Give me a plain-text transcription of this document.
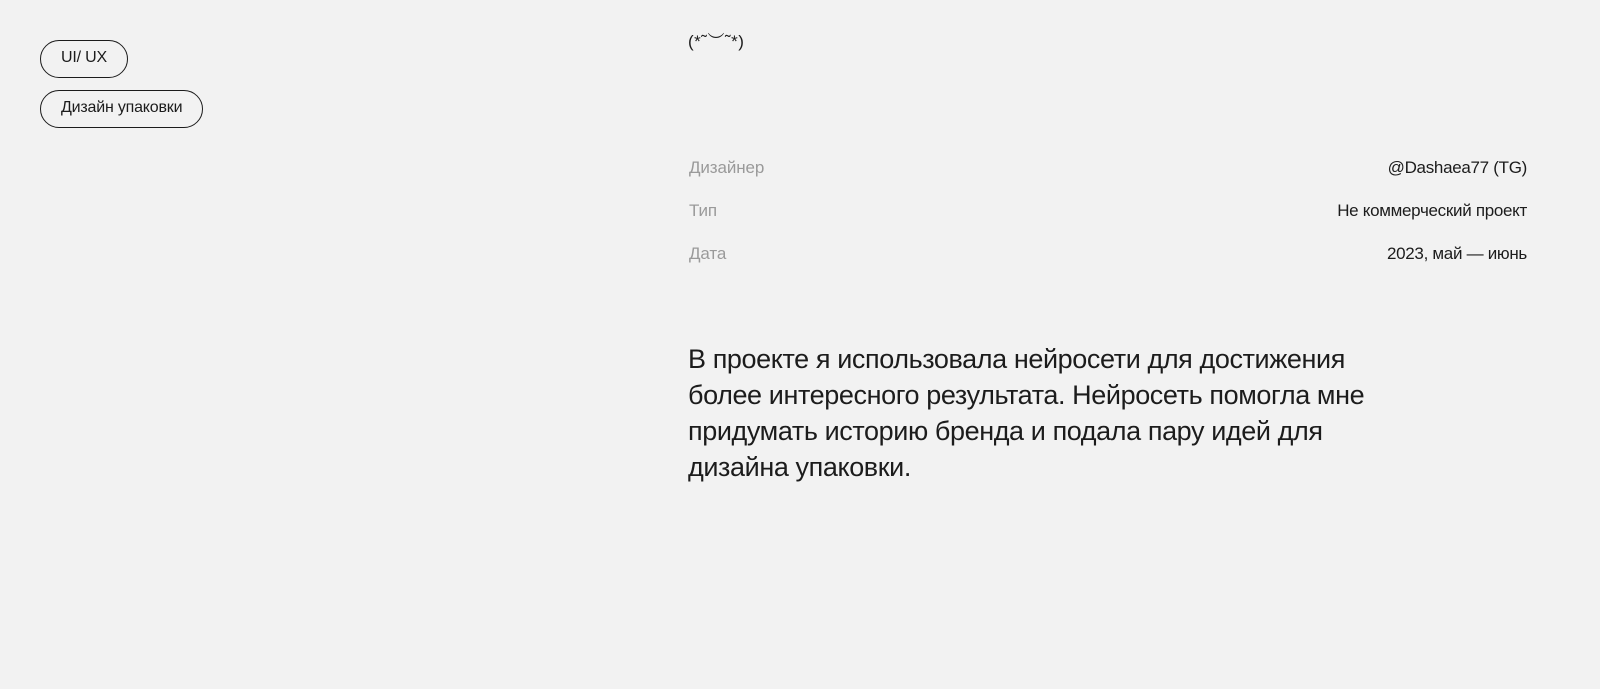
UI/ UX
Дизайн упаковки
(*˜︶˜*)
Дизайнер	@Dashaea77 (TG)
Тип	Не коммерческий проект
Дата	2023, май — июнь
В проекте я использовала нейросети для достижения более интересного результата. Нейросеть помогла мне придумать историю бренда и подала пару идей для дизайна упаковки.
